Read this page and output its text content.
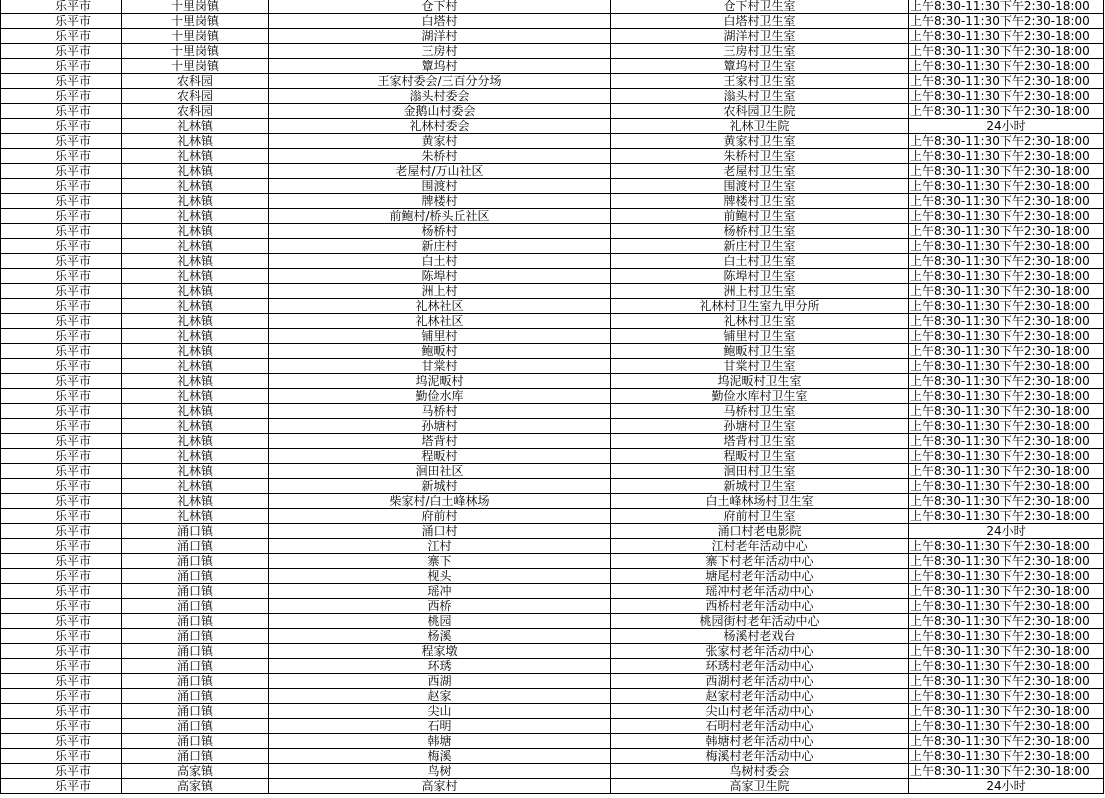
乐平市	十里岗镇	仓下村	仓下村卫生室	上午8:30-11:30下午2:30-18:00
乐平市	十里岗镇	白塔村	白塔村卫生室	上午8:30-11:30下午2:30-18:00
乐平市	十里岗镇	湖洋村	湖洋村卫生室	上午8:30-11:30下午2:30-18:00
乐平市	十里岗镇	三房村	三房村卫生室	上午8:30-11:30下午2:30-18:00
乐平市	十里岗镇	簟坞村	簟坞村卫生室	上午8:30-11:30下午2:30-18:00
乐平市	农科园	王家村委会/三百分分场	王家村卫生室	上午8:30-11:30下午2:30-18:00
乐平市	农科园	滃头村委会	滃头村卫生室	上午8:30-11:30下午2:30-18:00
乐平市	农科园	金鹅山村委会	农科园卫生院	上午8:30-11:30下午2:30-18:00
乐平市	礼林镇	礼林村委会	礼林卫生院	24小时
乐平市	礼林镇	黄家村	黄家村卫生室	上午8:30-11:30下午2:30-18:00
乐平市	礼林镇	朱桥村	朱桥村卫生室	上午8:30-11:30下午2:30-18:00
乐平市	礼林镇	老屋村/万山社区	老屋村卫生室	上午8:30-11:30下午2:30-18:00
乐平市	礼林镇	围渡村	围渡村卫生室	上午8:30-11:30下午2:30-18:00
乐平市	礼林镇	牌楼村	牌楼村卫生室	上午8:30-11:30下午2:30-18:00
乐平市	礼林镇	前鲍村/桥头丘社区	前鲍村卫生室	上午8:30-11:30下午2:30-18:00
乐平市	礼林镇	杨桥村	杨桥村卫生室	上午8:30-11:30下午2:30-18:00
乐平市	礼林镇	新庄村	新庄村卫生室	上午8:30-11:30下午2:30-18:00
乐平市	礼林镇	白土村	白土村卫生室	上午8:30-11:30下午2:30-18:00
乐平市	礼林镇	陈埠村	陈埠村卫生室	上午8:30-11:30下午2:30-18:00
乐平市	礼林镇	洲上村	洲上村卫生室	上午8:30-11:30下午2:30-18:00
乐平市	礼林镇	礼林社区	礼林村卫生室九甲分所	上午8:30-11:30下午2:30-18:00
乐平市	礼林镇	礼林社区	礼林村卫生室	上午8:30-11:30下午2:30-18:00
乐平市	礼林镇	铺里村	铺里村卫生室	上午8:30-11:30下午2:30-18:00
乐平市	礼林镇	鲍畈村	鲍畈村卫生室	上午8:30-11:30下午2:30-18:00
乐平市	礼林镇	甘棠村	甘棠村卫生室	上午8:30-11:30下午2:30-18:00
乐平市	礼林镇	坞泥畈村	坞泥畈村卫生室	上午8:30-11:30下午2:30-18:00
乐平市	礼林镇	勤俭水库	勤俭水库村卫生室	上午8:30-11:30下午2:30-18:00
乐平市	礼林镇	马桥村	马桥村卫生室	上午8:30-11:30下午2:30-18:00
乐平市	礼林镇	孙塘村	孙塘村卫生室	上午8:30-11:30下午2:30-18:00
乐平市	礼林镇	塔背村	塔背村卫生室	上午8:30-11:30下午2:30-18:00
乐平市	礼林镇	程畈村	程畈村卫生室	上午8:30-11:30下午2:30-18:00
乐平市	礼林镇	洄田社区	洄田村卫生室	上午8:30-11:30下午2:30-18:00
乐平市	礼林镇	新城村	新城村卫生室	上午8:30-11:30下午2:30-18:00
乐平市	礼林镇	柴家村/白土峰林场	白土峰林场村卫生室	上午8:30-11:30下午2:30-18:00
乐平市	礼林镇	府前村	府前村卫生室	上午8:30-11:30下午2:30-18:00
乐平市	涌口镇	涌口村	涌口村老电影院	24小时
乐平市	涌口镇	江村	江村老年活动中心	上午8:30-11:30下午2:30-18:00
乐平市	涌口镇	寨下	寨下村老年活动中心	上午8:30-11:30下午2:30-18:00
乐平市	涌口镇	枧头	塘尾村老年活动中心	上午8:30-11:30下午2:30-18:00
乐平市	涌口镇	瑶冲	瑶冲村老年活动中心	上午8:30-11:30下午2:30-18:00
乐平市	涌口镇	西桥	西桥村老年活动中心	上午8:30-11:30下午2:30-18:00
乐平市	涌口镇	桃园	桃园街村老年活动中心	上午8:30-11:30下午2:30-18:00
乐平市	涌口镇	杨溪	杨溪村老戏台	上午8:30-11:30下午2:30-18:00
乐平市	涌口镇	程家墩	张家村老年活动中心	上午8:30-11:30下午2:30-18:00
乐平市	涌口镇	环琇	环琇村老年活动中心	上午8:30-11:30下午2:30-18:00
乐平市	涌口镇	西湖	西湖村老年活动中心	上午8:30-11:30下午2:30-18:00
乐平市	涌口镇	赵家	赵家村老年活动中心	上午8:30-11:30下午2:30-18:00
乐平市	涌口镇	尖山	尖山村老年活动中心	上午8:30-11:30下午2:30-18:00
乐平市	涌口镇	石明	石明村老年活动中心	上午8:30-11:30下午2:30-18:00
乐平市	涌口镇	韩塘	韩塘村老年活动中心	上午8:30-11:30下午2:30-18:00
乐平市	涌口镇	梅溪	梅溪村老年活动中心	上午8:30-11:30下午2:30-18:00
乐平市	高家镇	鸟树	鸟树村委会	上午8:30-11:30下午2:30-18:00
乐平市	高家镇	高家村	高家卫生院	24小时
